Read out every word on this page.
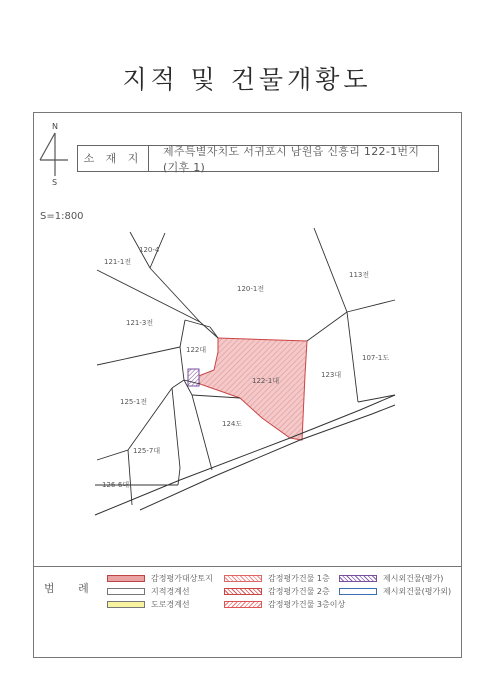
지적 및 건물개황도
N
S
소 재 지
제주특별자치도 서귀포시 남원읍 신흥리 122-1번지 (기후 1)
S=1:800
120-4
121-1전
120-1전
113전
121-3전
122대
107-1도
123대
122-1대
125-1전
124도
125-7대
126-6대
범 례
감정평가대상토지
지적경계선
도로경계선
감정평가건물 1층
감정평가건물 2층
감정평가건물 3층이상
제시외건물(평가)
제시외건물(평가외)
